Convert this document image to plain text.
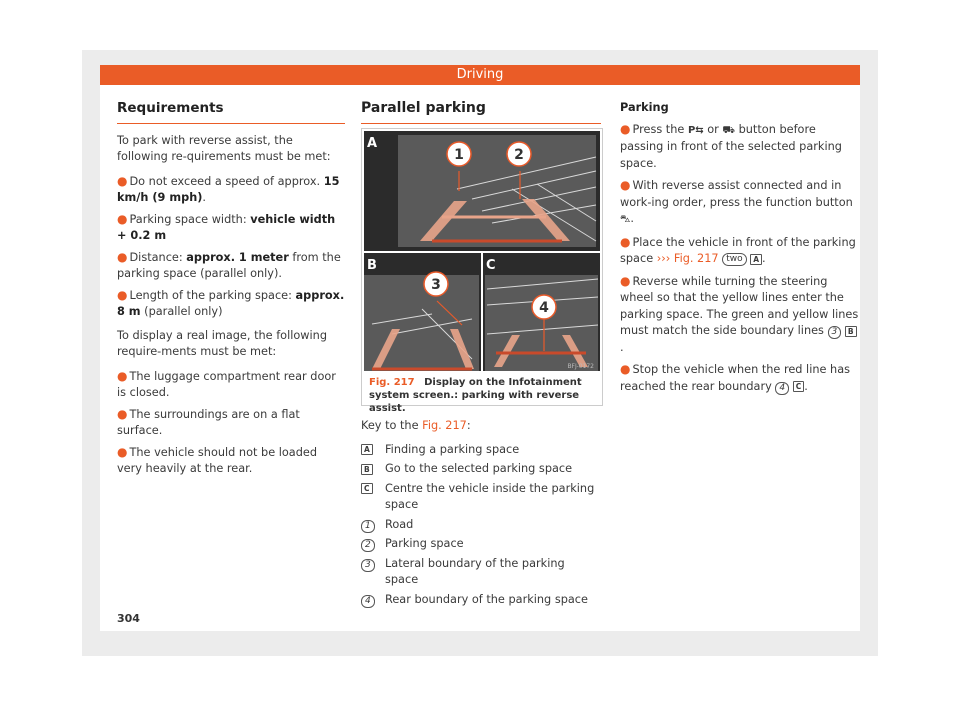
Driving
Requirements

To park with reverse assist, the following re-quirements must be met:

● Do not exceed a speed of approx. 15 km/h (9 mph).
● Parking space width: vehicle width + 0.2 m
● Distance: approx. 1 meter from the parking space (parallel only).
● Length of the parking space: approx. 8 m (parallel only)

To display a real image, the following require-ments must be met:

● The luggage compartment rear door is closed.
● The surroundings are on a flat surface.
● The vehicle should not be loaded very heavily at the rear.
Parallel parking
1	2
A
3
B	C
4
BFJ-0172
Fig. 217 Display on the Infotainment system screen.: parking with reverse assist.

Key to the Fig. 217:

A	Finding a parking space
B	Go to the selected parking space
C	Centre the vehicle inside the parking space
1	Road
2	Parking space
3	Lateral boundary of the parking space
4	Rear boundary of the parking space
Parking
● Press the P⇆ or ⛟ button before passing in front of the selected parking space.
● With reverse assist connected and in work-ing order, press the function button ⛍.
● Place the vehicle in front of the parking space ››› Fig. 217 two A .
● Reverse while turning the steering wheel so that the yellow lines enter the parking space. The green and yellow lines must match the side boundary lines 3 B.
● Stop the vehicle when the red line has reached the rear boundary 4 C .
304
